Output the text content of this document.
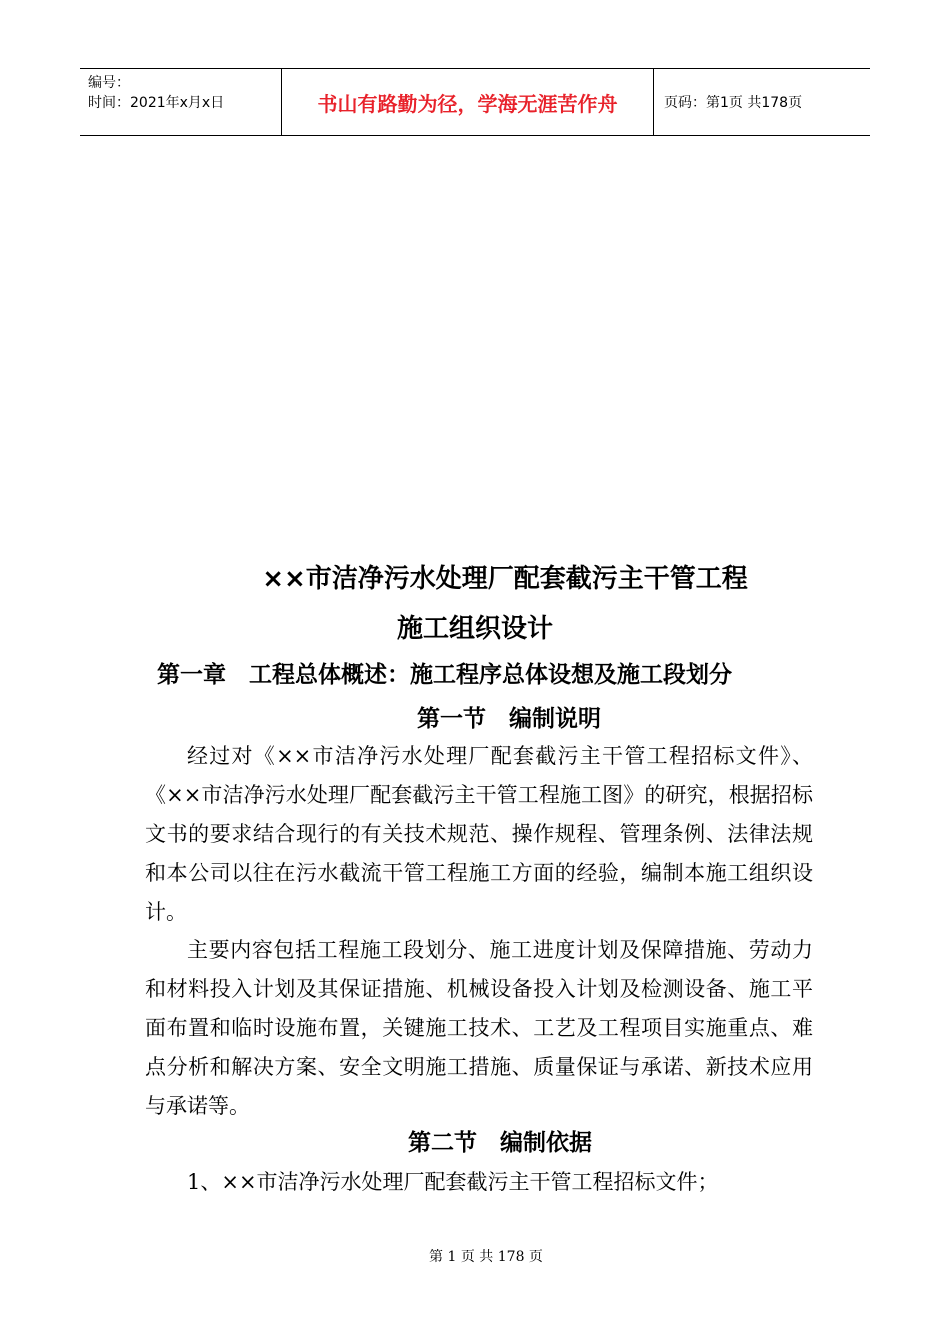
编号：
时间：2021年x月x日	书山有路勤为径，学海无涯苦作舟	页码：第1页 共178页
××市洁净污水处理厂配套截污主干管工程
施工组织设计
第一章　工程总体概述：施工程序总体设想及施工段划分
第一节　编制说明

经过对《××市洁净污水处理厂配套截污主干管工程招标文件》、《××市洁净污水处理厂配套截污主干管工程施工图》的研究，根据招标文书的要求结合现行的有关技术规范、操作规程、管理条例、法律法规和本公司以往在污水截流干管工程施工方面的经验，编制本施工组织设计。

主要内容包括工程施工段划分、施工进度计划及保障措施、劳动力和材料投入计划及其保证措施、机械设备投入计划及检测设备、施工平面布置和临时设施布置，关键施工技术、工艺及工程项目实施重点、难点分析和解决方案、安全文明施工措施、质量保证与承诺、新技术应用与承诺等。

第二节　编制依据

1、××市洁净污水处理厂配套截污主干管工程招标文件；

第 1 页 共 178 页
